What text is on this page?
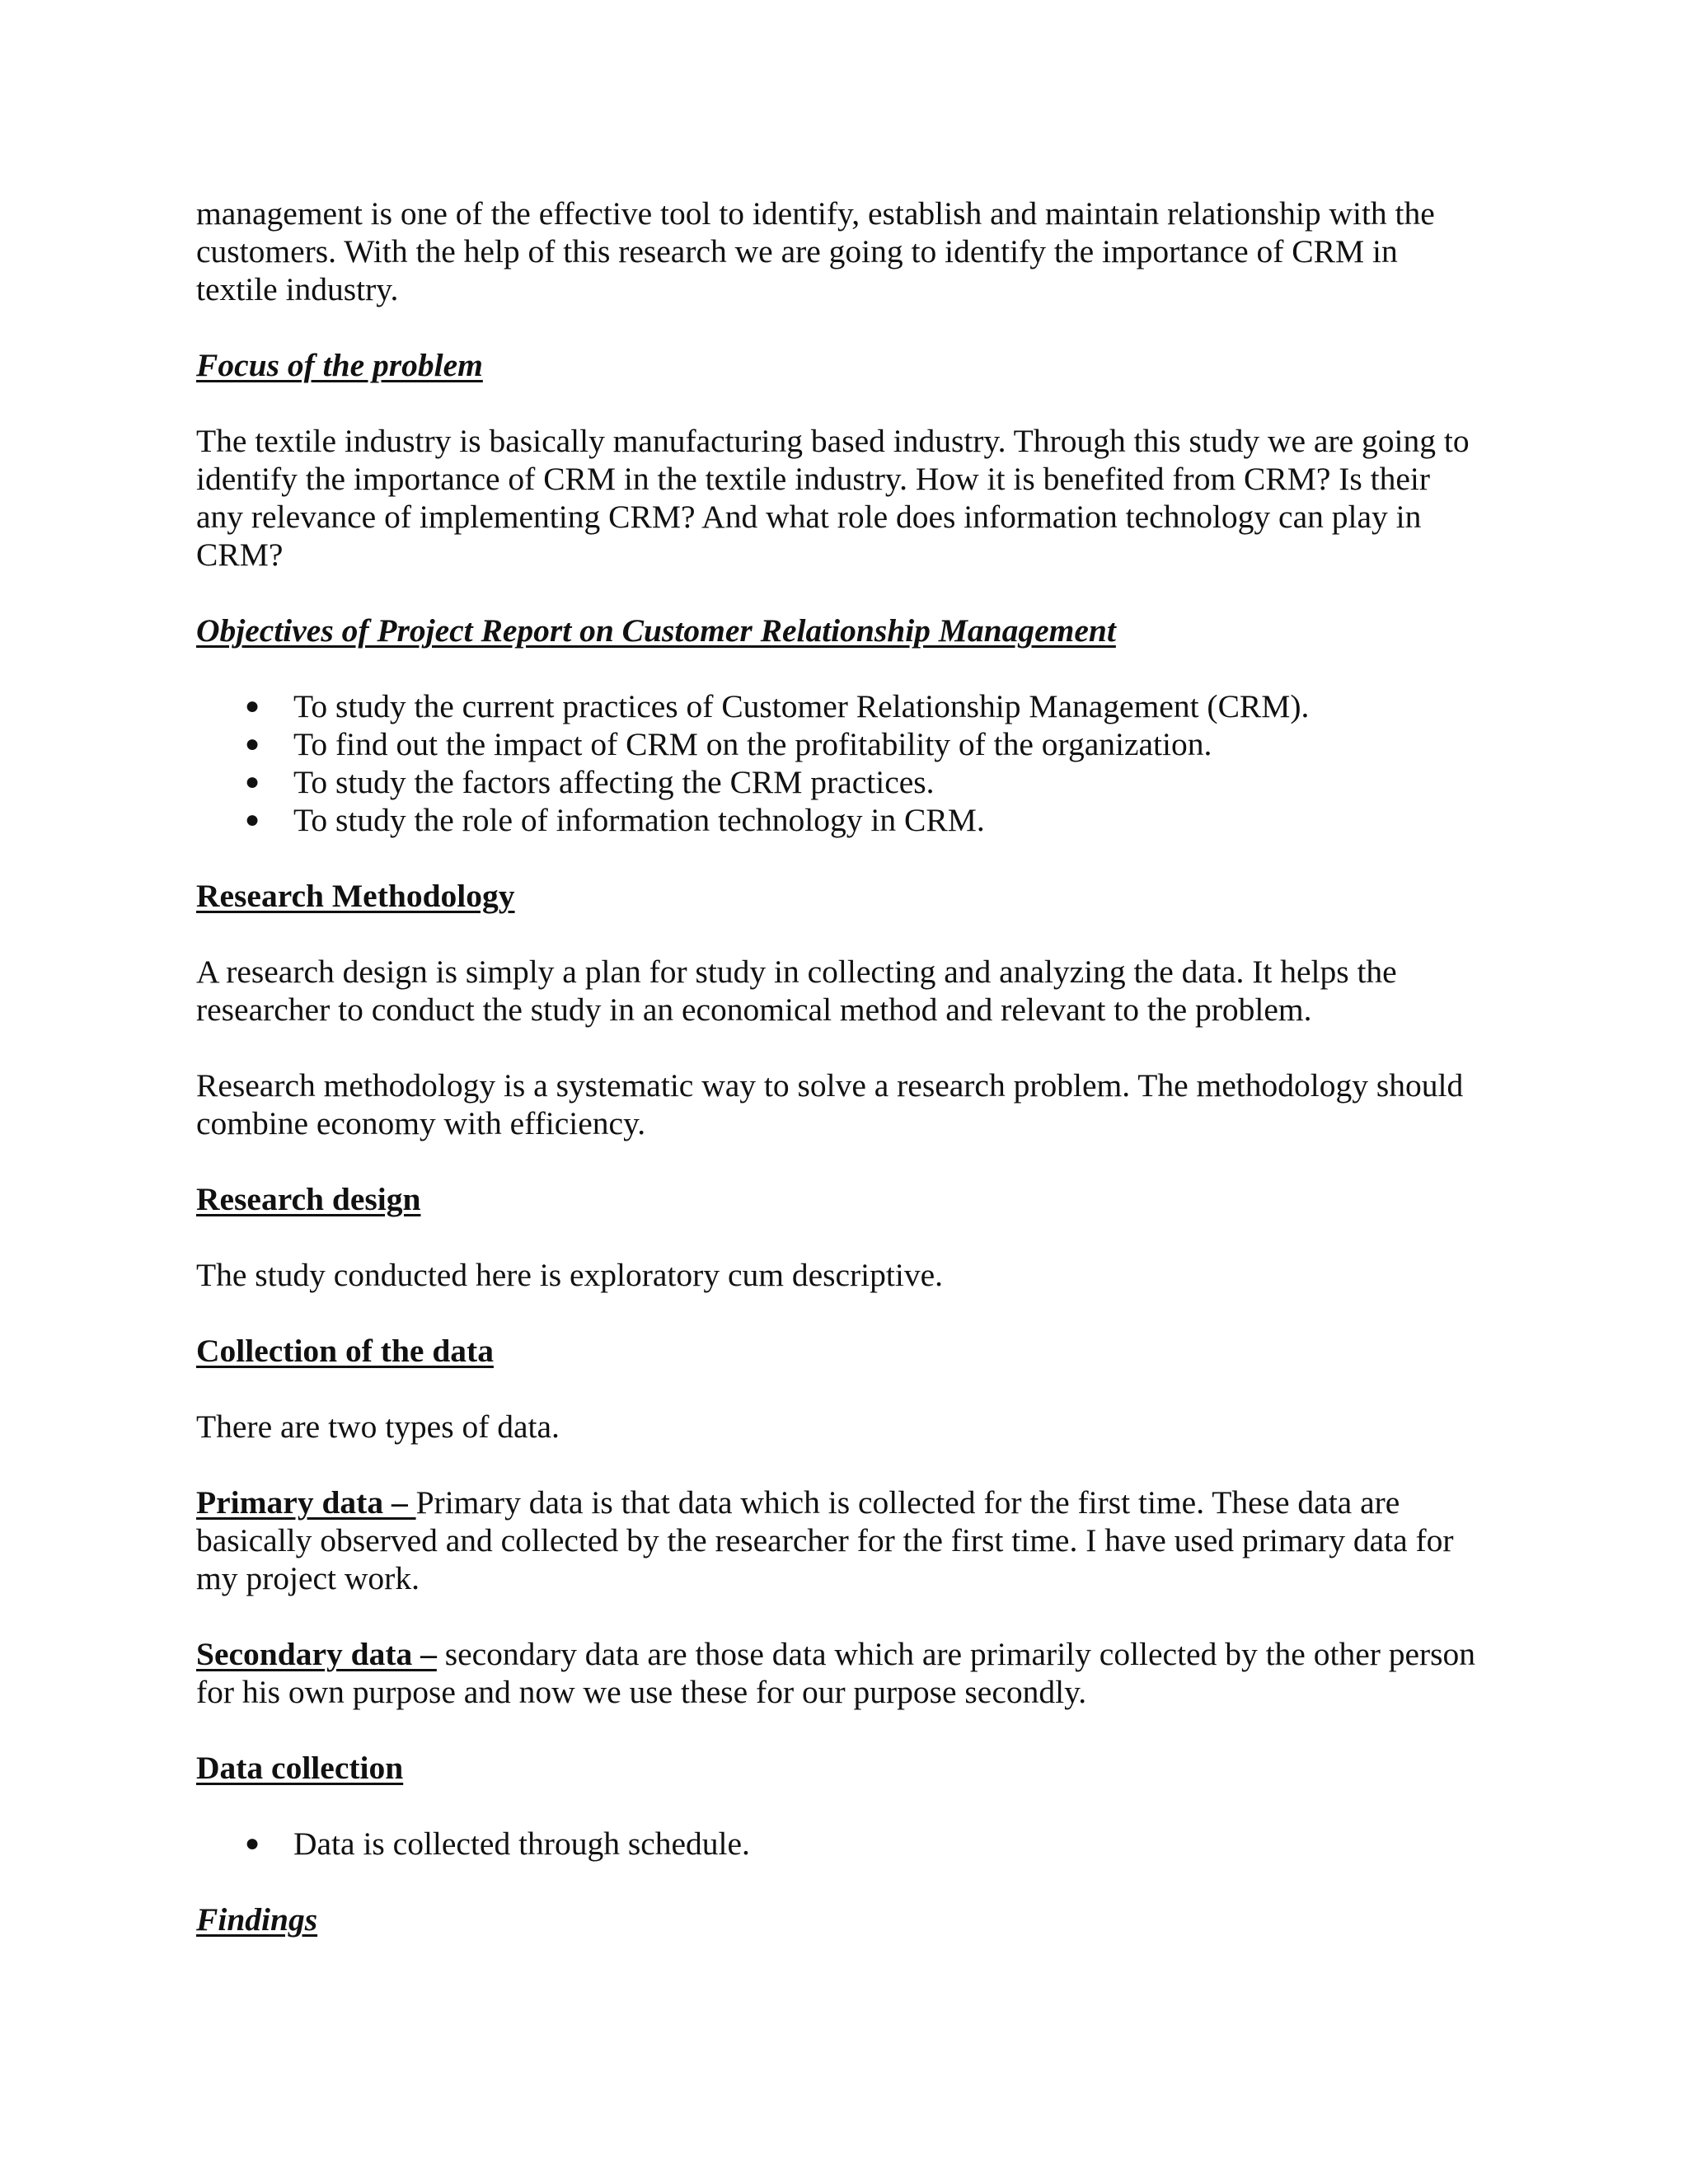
management is one of the effective tool to identify, establish and maintain relationship with the customers. With the help of this research we are going to identify the importance of CRM in textile industry.

Focus of the problem

The textile industry is basically manufacturing based industry. Through this study we are going to identify the importance of CRM in the textile industry. How it is benefited from CRM? Is their any relevance of implementing CRM? And what role does information technology can play in CRM?

Objectives of Project Report on Customer Relationship Management
● To study the current practices of Customer Relationship Management (CRM).
● To find out the impact of CRM on the profitability of the organization.
● To study the factors affecting the CRM practices.
● To study the role of information technology in CRM.
Research Methodology

A research design is simply a plan for study in collecting and analyzing the data. It helps the researcher to conduct the study in an economical method and relevant to the problem.

Research methodology is a systematic way to solve a research problem. The methodology should combine economy with efficiency.

Research design

The study conducted here is exploratory cum descriptive.

Collection of the data

There are two types of data.

Primary data – Primary data is that data which is collected for the first time. These data are basically observed and collected by the researcher for the first time. I have used primary data for my project work.

Secondary data – secondary data are those data which are primarily collected by the other person for his own purpose and now we use these for our purpose secondly.

Data collection
● Data is collected through schedule.
Findings
